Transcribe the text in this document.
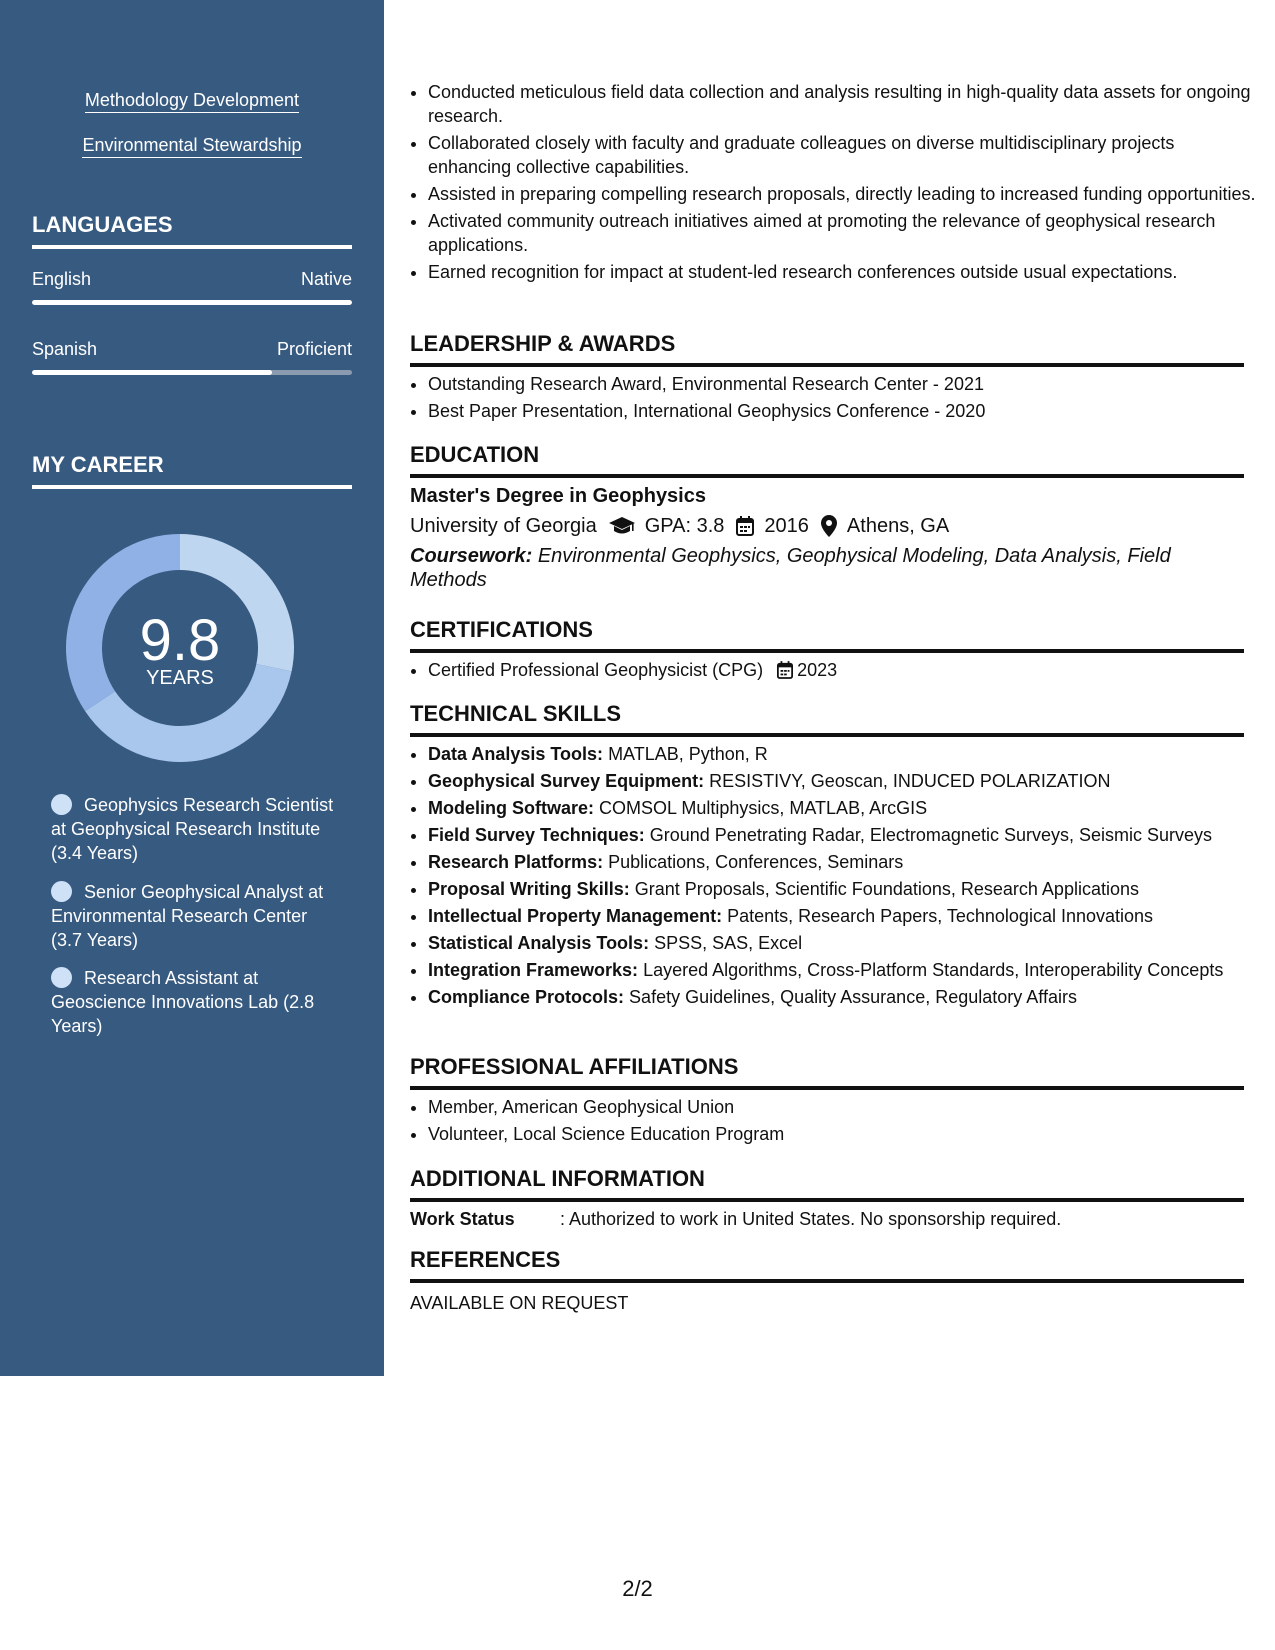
Methodology Development
Environmental Stewardship
LANGUAGES
English	Native
Spanish	Proficient
MY CAREER
9.8
YEARS
Geophysics Research Scientist at Geophysical Research Institute (3.4 Years)
Senior Geophysical Analyst at Environmental Research Center (3.7 Years)
Research Assistant at Geoscience Innovations Lab (2.8 Years)
• Conducted meticulous field data collection and analysis resulting in high-quality data assets for ongoing research.
• Collaborated closely with faculty and graduate colleagues on diverse multidisciplinary projects enhancing collective capabilities.
• Assisted in preparing compelling research proposals, directly leading to increased funding opportunities.
• Activated community outreach initiatives aimed at promoting the relevance of geophysical research applications.
• Earned recognition for impact at student-led research conferences outside usual expectations.
LEADERSHIP & AWARDS
• Outstanding Research Award, Environmental Research Center - 2021
• Best Paper Presentation, International Geophysics Conference - 2020
EDUCATION
Master's Degree in Geophysics
University of Georgia GPA: 3.8 2016 Athens, GA
Coursework: Environmental Geophysics, Geophysical Modeling, Data Analysis, Field Methods
CERTIFICATIONS
• Certified Professional Geophysicist (CPG) 2023
TECHNICAL SKILLS
• Data Analysis Tools: MATLAB, Python, R
• Geophysical Survey Equipment: RESISTIVY, Geoscan, INDUCED POLARIZATION
• Modeling Software: COMSOL Multiphysics, MATLAB, ArcGIS
• Field Survey Techniques: Ground Penetrating Radar, Electromagnetic Surveys, Seismic Surveys
• Research Platforms: Publications, Conferences, Seminars
• Proposal Writing Skills: Grant Proposals, Scientific Foundations, Research Applications
• Intellectual Property Management: Patents, Research Papers, Technological Innovations
• Statistical Analysis Tools: SPSS, SAS, Excel
• Integration Frameworks: Layered Algorithms, Cross-Platform Standards, Interoperability Concepts
• Compliance Protocols: Safety Guidelines, Quality Assurance, Regulatory Affairs
PROFESSIONAL AFFILIATIONS
• Member, American Geophysical Union
• Volunteer, Local Science Education Program
ADDITIONAL INFORMATION
Work Status	: Authorized to work in United States. No sponsorship required.
REFERENCES
AVAILABLE ON REQUEST
2/2
